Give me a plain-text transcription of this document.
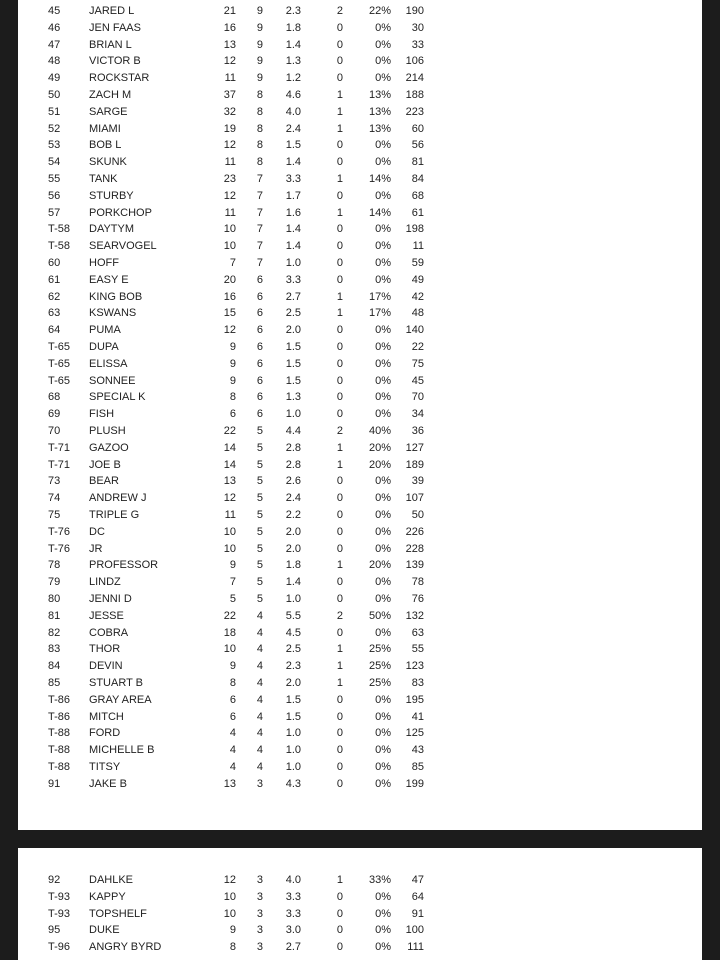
45	JARED L	21	9	2.3	2	22%	190
46	JEN FAAS	16	9	1.8	0	0%	30
47	BRIAN L	13	9	1.4	0	0%	33
48	VICTOR B	12	9	1.3	0	0%	106
49	ROCKSTAR	11	9	1.2	0	0%	214
50	ZACH M	37	8	4.6	1	13%	188
51	SARGE	32	8	4.0	1	13%	223
52	MIAMI	19	8	2.4	1	13%	60
53	BOB L	12	8	1.5	0	0%	56
54	SKUNK	11	8	1.4	0	0%	81
55	TANK	23	7	3.3	1	14%	84
56	STURBY	12	7	1.7	0	0%	68
57	PORKCHOP	11	7	1.6	1	14%	61
T-58 DAYTYM	10	7	1.4	0	0%	198
T-58 SEARVOGEL	10	7	1.4	0	0%	11
60	HOFF	7	7	1.0	0	0%	59
61	EASY E	20	6	3.3	0	0%	49
62	KING BOB	16	6	2.7	1	17%	42
63	KSWANS	15	6	2.5	1	17%	48
64	PUMA	12	6	2.0	0	0%	140
T-65 DUPA	9	6	1.5	0	0%	22
T-65 ELISSA	9	6	1.5	0	0%	75
T-65 SONNEE	9	6	1.5	0	0%	45
68	SPECIAL K	8	6	1.3	0	0%	70
69	FISH	6	6	1.0	0	0%	34
70	PLUSH	22	5	4.4	2	40%	36
T-71 GAZOO	14	5	2.8	1	20%	127
T-71 JOE B	14	5	2.8	1	20%	189
73	BEAR	13	5	2.6	0	0%	39
74	ANDREW J	12	5	2.4	0	0%	107
75	TRIPLE G	11	5	2.2	0	0%	50
T-76 DC	10	5	2.0	0	0%	226
T-76 JR	10	5	2.0	0	0%	228
78	PROFESSOR	9	5	1.8	1	20%	139
79	LINDZ	7	5	1.4	0	0%	78
80	JENNI D	5	5	1.0	0	0%	76
81	JESSE	22	4	5.5	2	50%	132
82	COBRA	18	4	4.5	0	0%	63
83	THOR	10	4	2.5	1	25%	55
84	DEVIN	9	4	2.3	1	25%	123
85	STUART B	8	4	2.0	1	25%	83
T-86 GRAY AREA	6	4	1.5	0	0%	195
T-86 MITCH	6	4	1.5	0	0%	41
T-88 FORD	4	4	1.0	0	0%	125
T-88 MICHELLE B	4	4	1.0	0	0%	43
T-88 TITSY	4	4	1.0	0	0%	85
91	JAKE B	13	3	4.3	0	0%	199
92	DAHLKE	12	3	4.0	1	33%	47
T-93 KAPPY	10	3	3.3	0	0%	64
T-93 TOPSHELF	10	3	3.3	0	0%	91
95	DUKE	9	3	3.0	0	0%	100
T-96 ANGRY BYRD	8	3	2.7	0	0%	111
